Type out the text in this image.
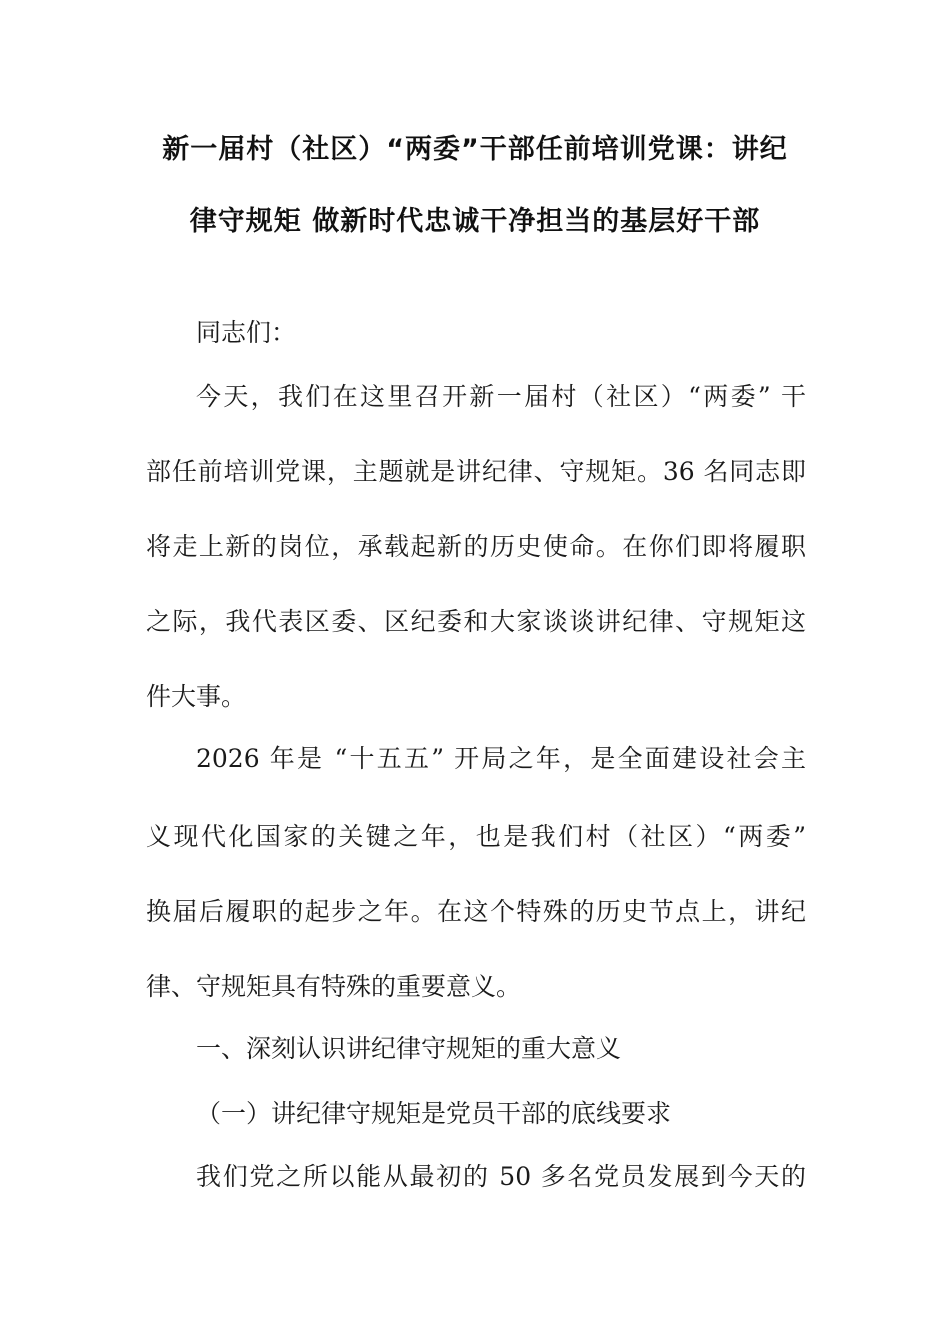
新一届村（社区）“两委”干部任前培训党课：讲纪
律守规矩 做新时代忠诚干净担当的基层好干部
同志们：
今天，我们在这里召开新一届村（社区）“两委” 干
部任前培训党课，主题就是讲纪律、守规矩。36 名同志即
将走上新的岗位，承载起新的历史使命。在你们即将履职
之际，我代表区委、区纪委和大家谈谈讲纪律、守规矩这
件大事。
2026 年是 “十五五” 开局之年，是全面建设社会主
义现代化国家的关键之年，也是我们村（社区）“两委”
换届后履职的起步之年。在这个特殊的历史节点上，讲纪
律、守规矩具有特殊的重要意义。
一、深刻认识讲纪律守规矩的重大意义
（一）讲纪律守规矩是党员干部的底线要求
我们党之所以能从最初的 50 多名党员发展到今天的
